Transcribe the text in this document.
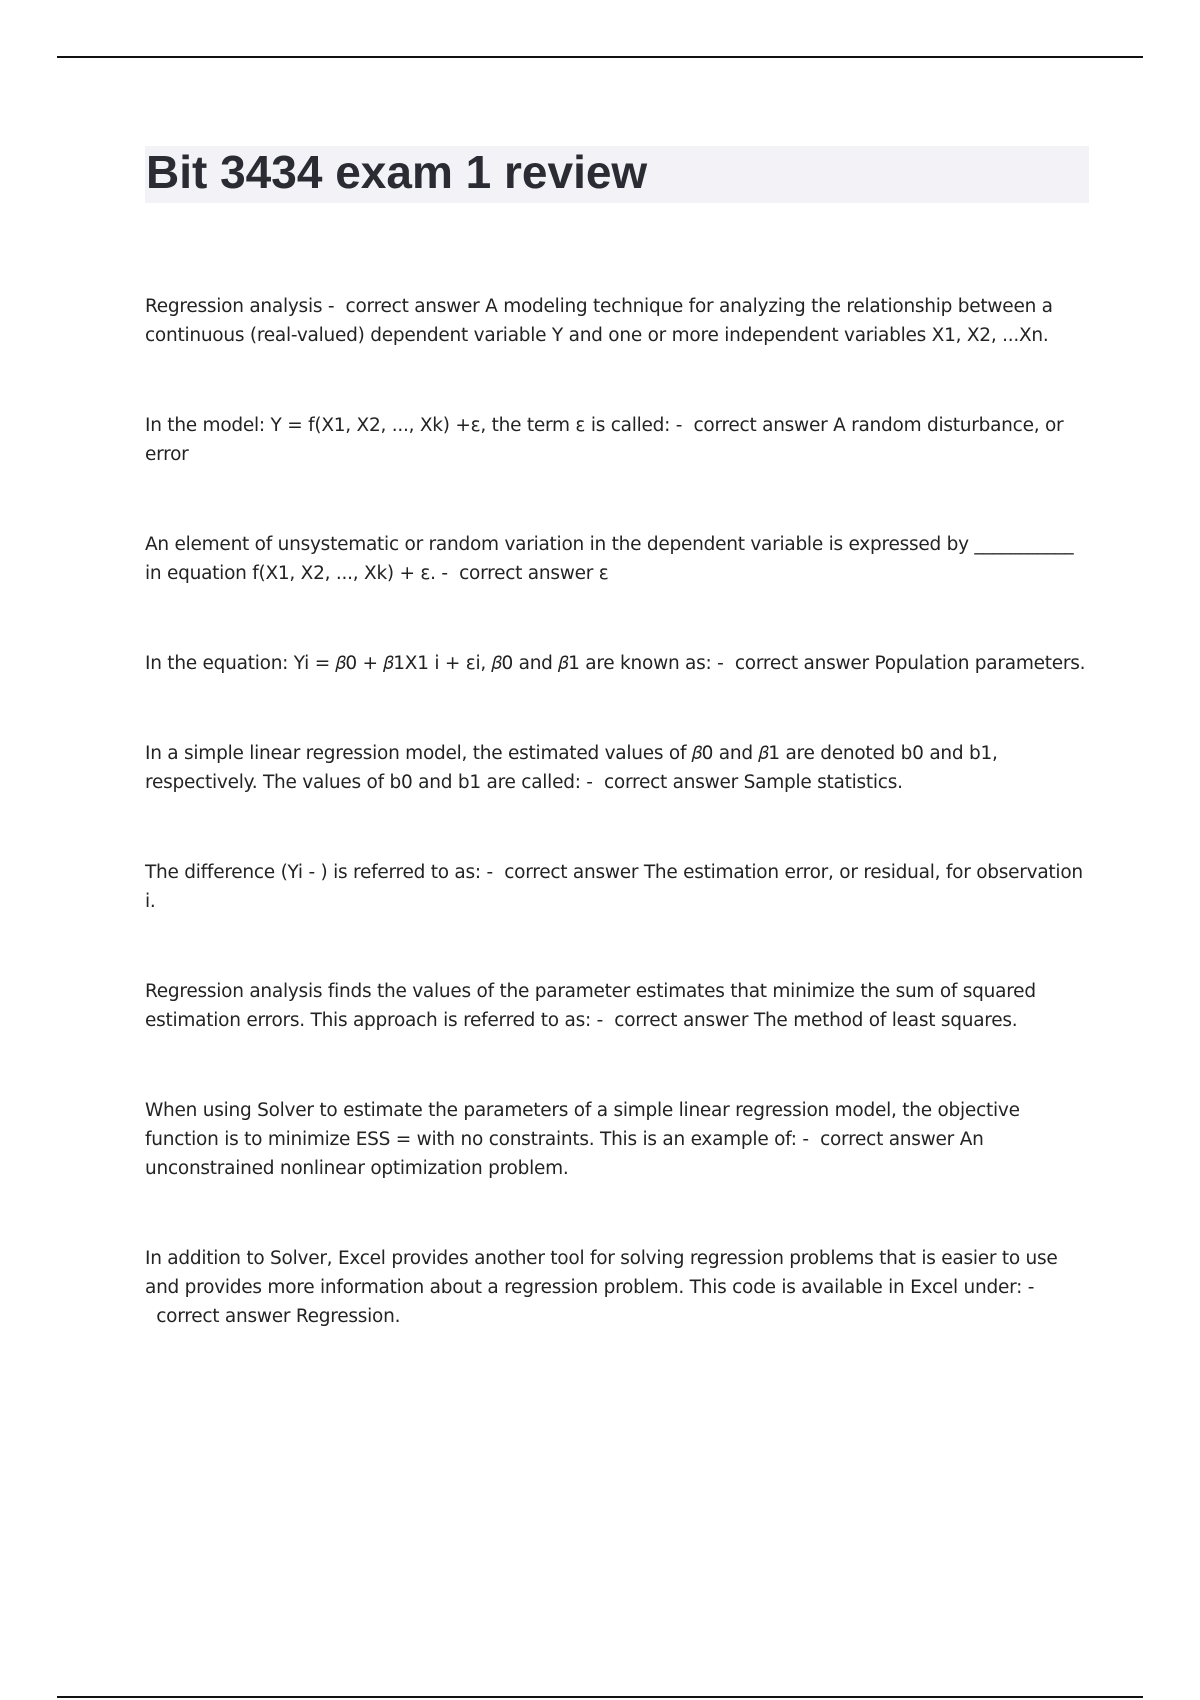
Bit 3434 exam 1 review

Regression analysis - correct answer A modeling technique for analyzing the relationship between a continuous (real-valued) dependent variable Y and one or more independent variables X1, X2, ...Xn.

In the model: Y = f(X1, X2, ..., Xk) +ε, the term ε is called: - correct answer A random disturbance, or error

An element of unsystematic or random variation in the dependent variable is expressed by ___________ in equation f(X1, X2, ..., Xk) + ε. - correct answer ε

In the equation: Yi = 𝛽0 + 𝛽1X1 i + εi, 𝛽0 and 𝛽1 are known as: - correct answer Population parameters.

In a simple linear regression model, the estimated values of 𝛽0 and 𝛽1 are denoted b0 and b1, respectively. The values of b0 and b1 are called: - correct answer Sample statistics.

The difference (Yi - ) is referred to as: - correct answer The estimation error, or residual, for observation i.

Regression analysis finds the values of the parameter estimates that minimize the sum of squared estimation errors. This approach is referred to as: - correct answer The method of least squares.

When using Solver to estimate the parameters of a simple linear regression model, the objective function is to minimize ESS = with no constraints. This is an example of: - correct answer An unconstrained nonlinear optimization problem.

In addition to Solver, Excel provides another tool for solving regression problems that is easier to use and provides more information about a regression problem. This code is available in Excel under: -  correct answer Regression.
